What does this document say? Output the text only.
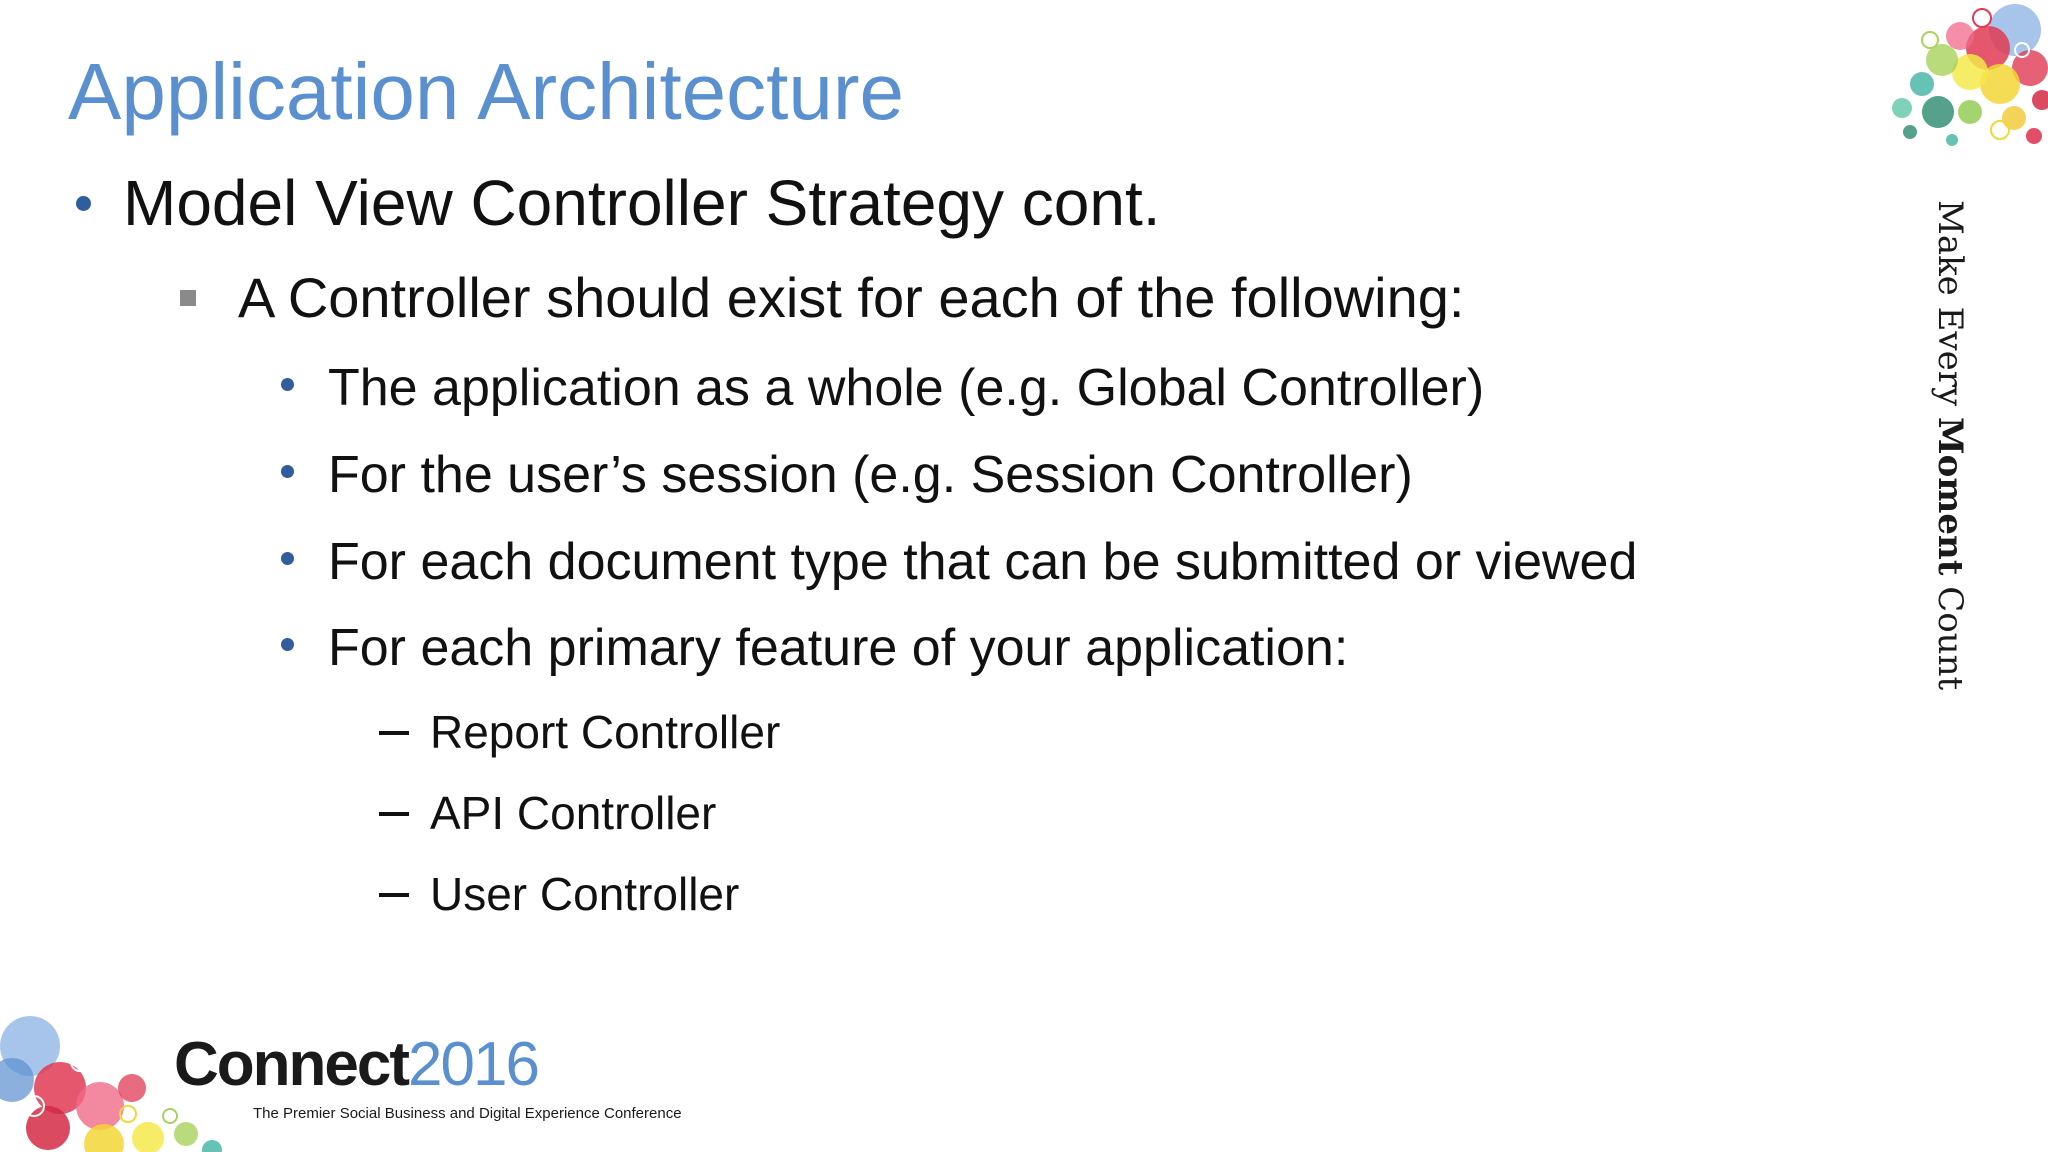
Application Architecture
Model View Controller Strategy cont.
A Controller should exist for each of the following:
The application as a whole (e.g. Global Controller)
For the user’s session (e.g. Session Controller)
For each document type that can be submitted or viewed
For each primary feature of your application:
Report Controller
API Controller
User Controller
Make Every Moment Count
Connect2016
The Premier Social Business and Digital Experience Conference
